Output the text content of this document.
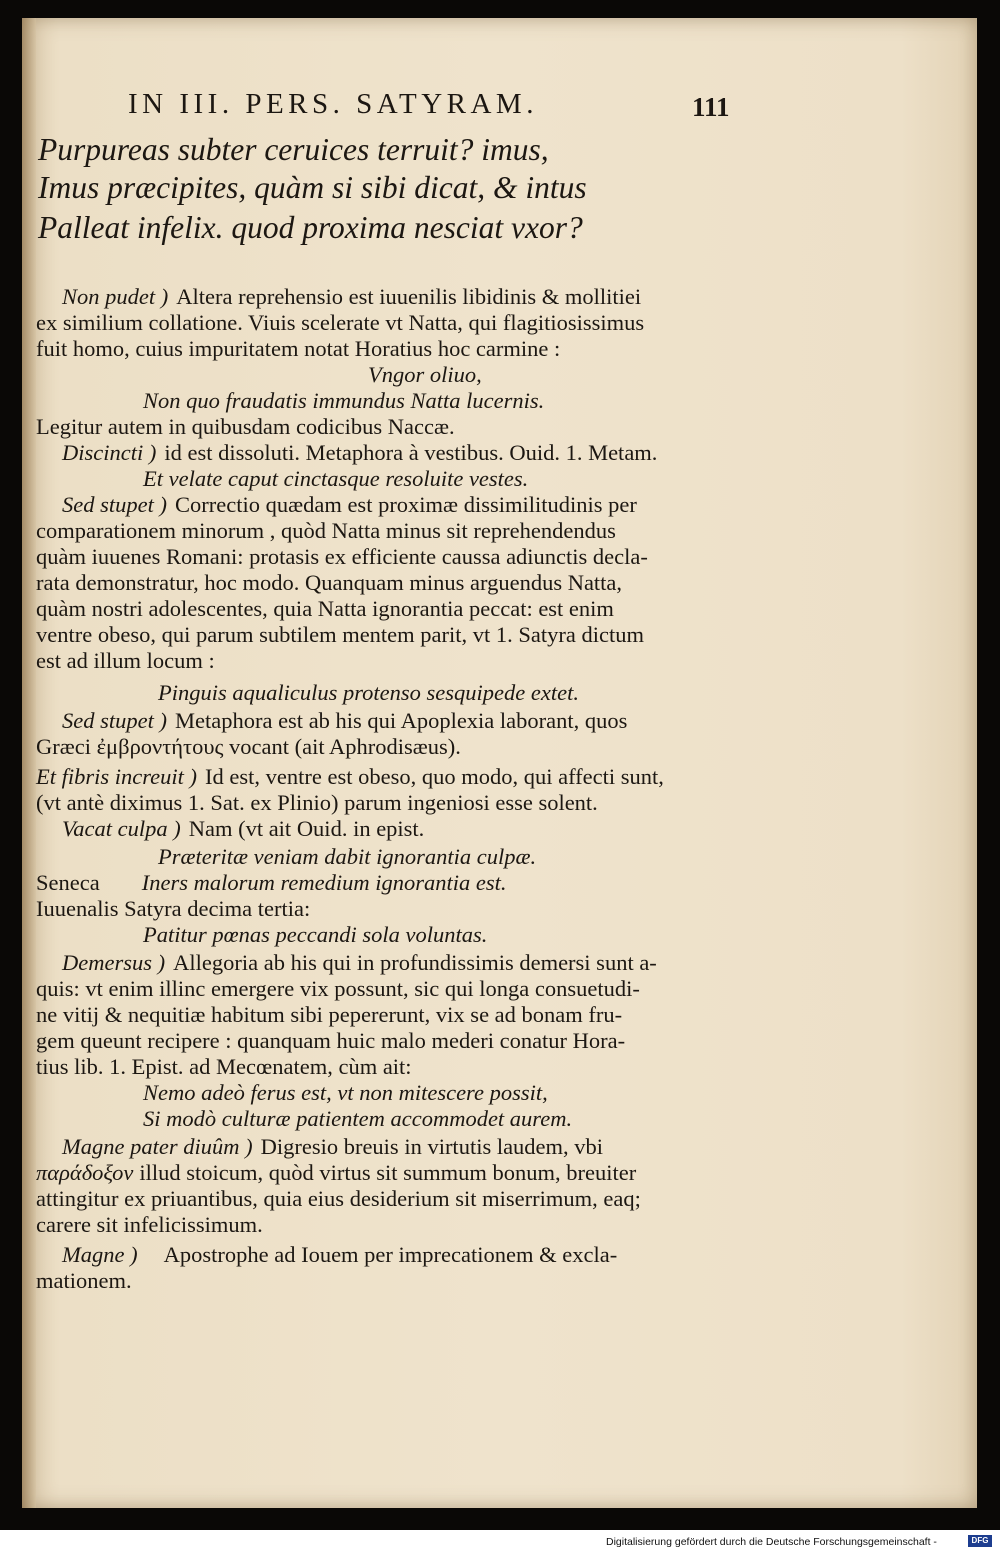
IN III. PERS. SATYRAM.	111
Purpureas subter ceruices terruit? imus,
Imus præcipites, quàm si sibi dicat, & intus
Palleat infelix. quod proxima nesciat vxor?
Non pudet ) Altera reprehensio est iuuenilis libidinis & mollitiei
ex similium collatione. Viuis scelerate vt Natta, qui flagitiosissimus
fuit homo, cuius impuritatem notat Horatius hoc carmine :
Vngor oliuo,
Non quo fraudatis immundus Natta lucernis.
Legitur autem in quibusdam codicibus Naccæ.
Discincti ) id est dissoluti. Metaphora à vestibus. Ouid. 1. Metam.
Et velate caput cinctasque resoluite vestes.
Sed stupet ) Correctio quædam est proximæ dissimilitudinis per
comparationem minorum , quòd Natta minus sit reprehendendus
quàm iuuenes Romani: protasis ex efficiente caussa adiunctis decla-
rata demonstratur, hoc modo. Quanquam minus arguendus Natta,
quàm nostri adolescentes, quia Natta ignorantia peccat: est enim
ventre obeso, qui parum subtilem mentem parit, vt 1. Satyra dictum
est ad illum locum :
Pinguis aqualiculus protenso sesquipede extet.
Sed stupet ) Metaphora est ab his qui Apoplexia laborant, quos
Græci ἐμβροντήτους vocant (ait Aphrodisæus).
Et fibris increuit ) Id est, ventre est obeso, quo modo, qui affecti sunt,
(vt antè diximus 1. Sat. ex Plinio) parum ingeniosi esse solent.
Vacat culpa ) Nam (vt ait Ouid. in epist.
Præteritæ veniam dabit ignorantia culpæ.
Seneca Iners malorum remedium ignorantia est.
Iuuenalis Satyra decima tertia:
Patitur pœnas peccandi sola voluntas.
Demersus ) Allegoria ab his qui in profundissimis demersi sunt a-
quis: vt enim illinc emergere vix possunt, sic qui longa consuetudi-
ne vitij & nequitiæ habitum sibi pepererunt, vix se ad bonam fru-
gem queunt recipere : quanquam huic malo mederi conatur Hora-
tius lib. 1. Epist. ad Mecœnatem, cùm ait:
Nemo adeò ferus est, vt non mitescere possit,
Si modò culturæ patientem accommodet aurem.
Magne pater diuûm ) Digresio breuis in virtutis laudem, vbi
παράδοξον illud stoicum, quòd virtus sit summum bonum, breuiter
attingitur ex priuantibus, quia eius desiderium sit miserrimum, eaq;
carere sit infelicissimum.
Magne ) Apostrophe ad Iouem per imprecationem & excla-
mationem.
Digitalisierung gefördert durch die Deutsche Forschungsgemeinschaft -	DFG
